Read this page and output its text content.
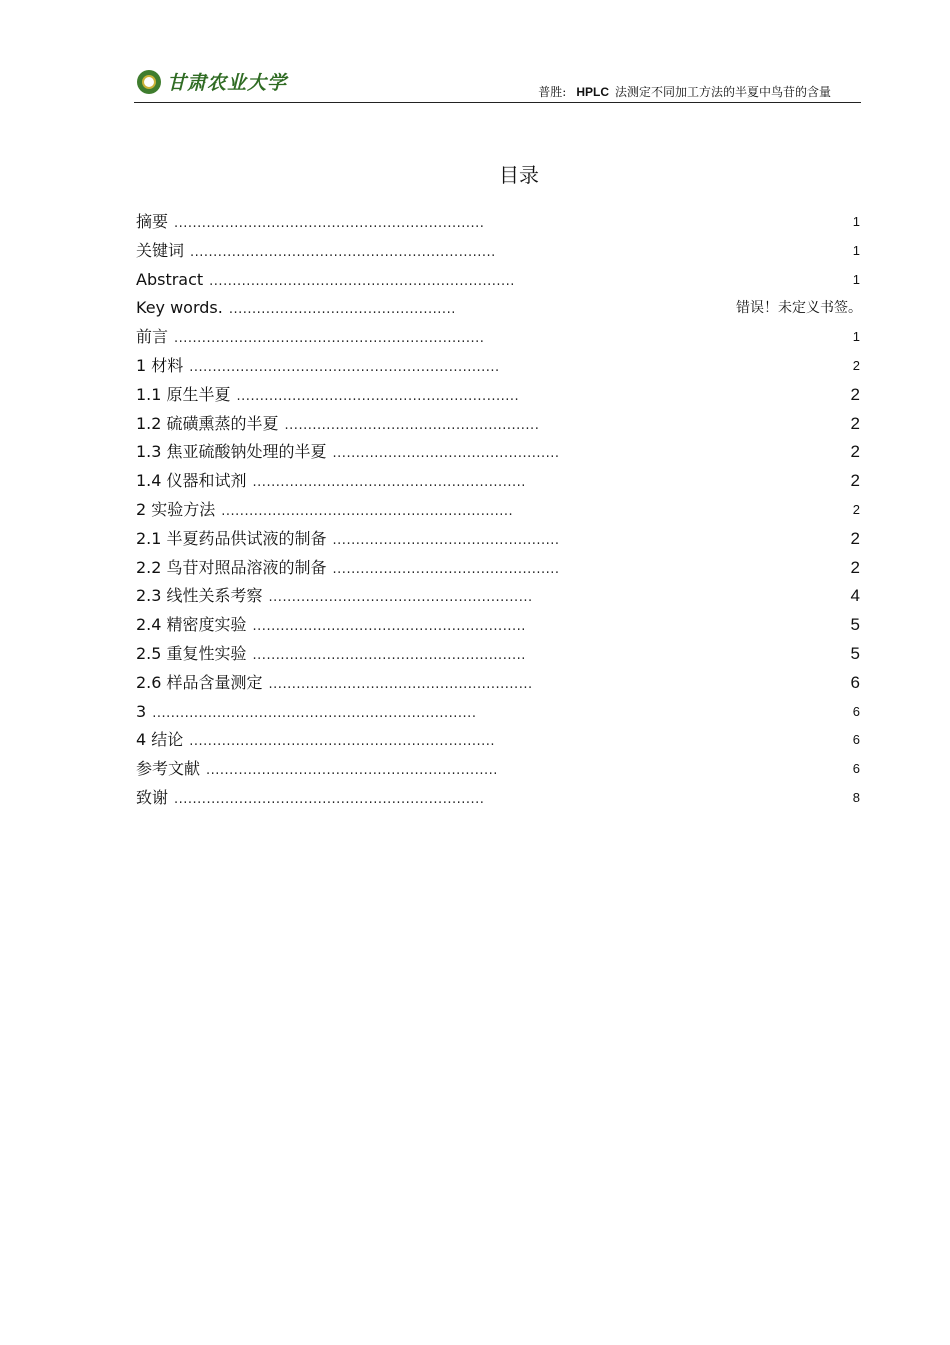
甘肃农业大学	普胜: HPLC 法测定不同加工方法的半夏中鸟苷的含量
目录
摘要 ...................................................................	1
关键词 ..................................................................	1
Abstract ..................................................................	1
Key words. .................................................	错误！未定义书签。
前言 ...................................................................	1
1 材料 ...................................................................	2
1.1 原生半夏 .............................................................	2
1.2 硫磺熏蒸的半夏 .......................................................	2
1.3 焦亚硫酸钠处理的半夏 .................................................	2
1.4 仪器和试剂 ...........................................................	2
2 实验方法 ...............................................................	2
2.1 半夏药品供试液的制备 .................................................	2
2.2 鸟苷对照品溶液的制备 .................................................	2
2.3 线性关系考察 .........................................................	4
2.4 精密度实验 ...........................................................	5
2.5 重复性实验 ...........................................................	5
2.6 样品含量测定 .........................................................	6
3 ......................................................................	6
4 结论 ..................................................................	6
参考文献 ...............................................................	6
致谢 ...................................................................	8
